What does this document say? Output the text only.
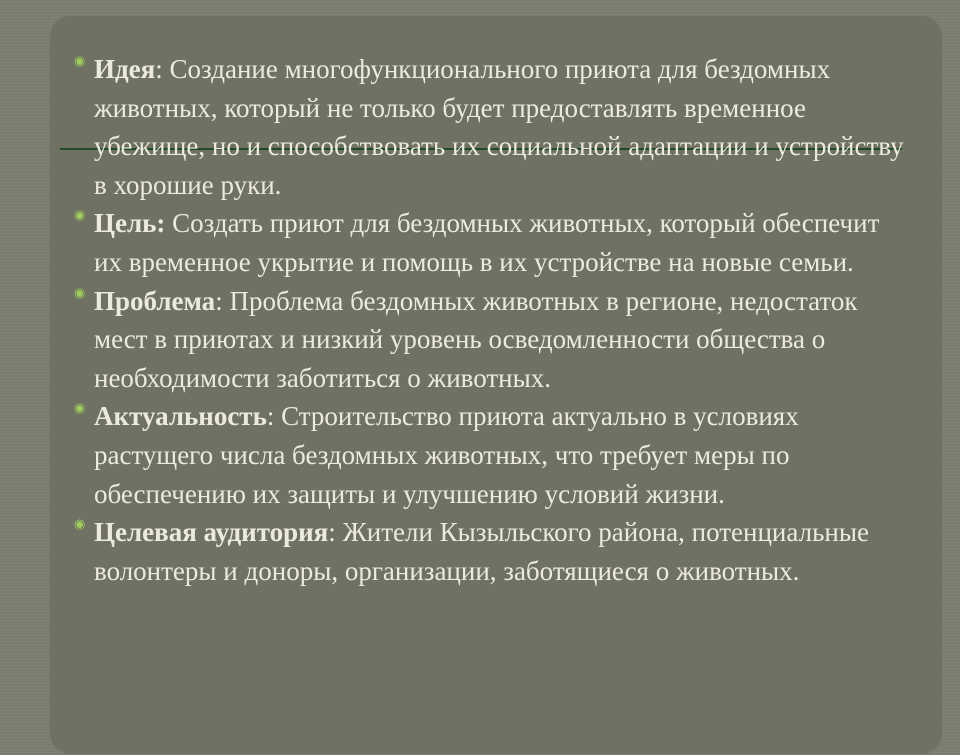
◉ Идея: Создание многофункционального приюта для бездомных животных, который не только будет предоставлять временное убежище, но и способствовать их социальной адаптации и устройству в хорошие руки.

◉ Цель: Создать приют для бездомных животных, который обеспечит их временное укрытие и помощь в их устройстве на новые семьи.

◉ Проблема: Проблема бездомных животных в регионе, недостаток мест в приютах и низкий уровень осведомленности общества о необходимости заботиться о животных.

◉ Актуальность: Строительство приюта актуально в условиях растущего числа бездомных животных, что требует меры по обеспечению их защиты и улучшению условий жизни.

◉ Целевая аудитория: Жители Кызыльского района, потенциальные волонтеры и доноры, организации, заботящиеся о животных.
